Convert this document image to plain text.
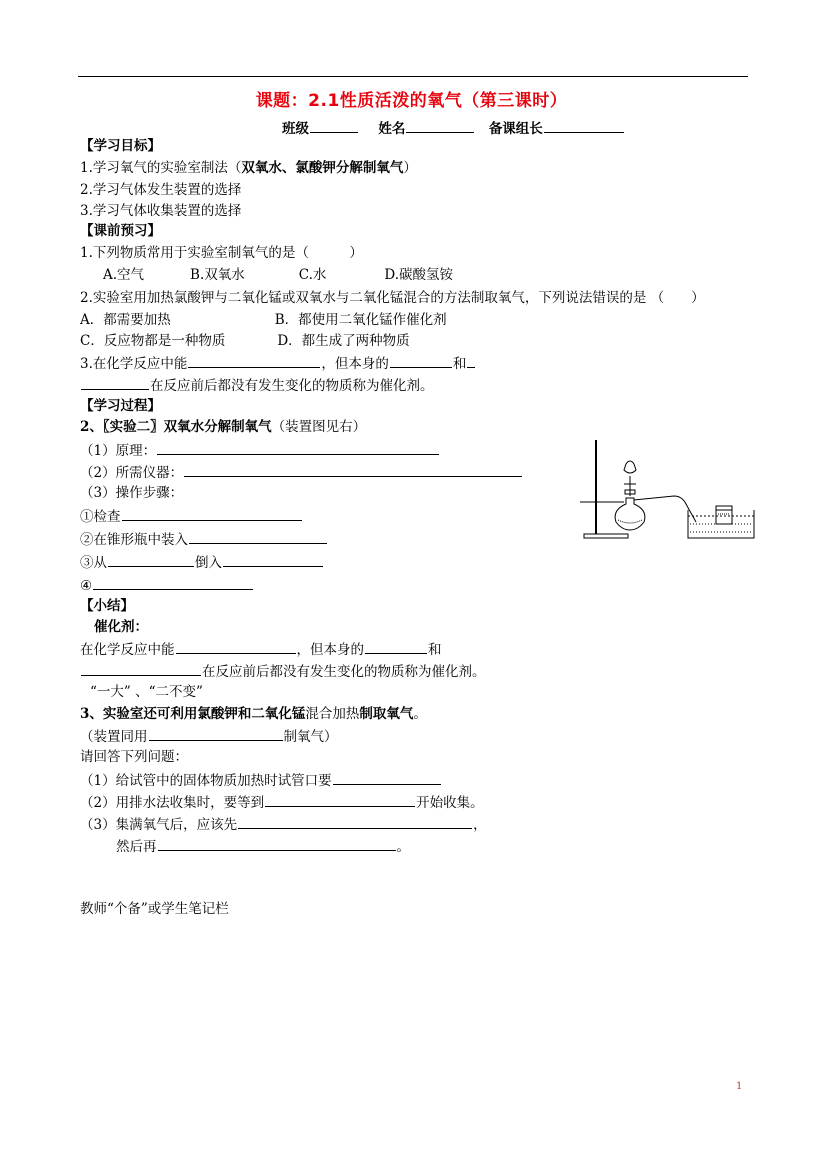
课题：2.1性质活泼的氧气（第三课时）
班级	姓名	备课组长
【学习目标】
1.学习氧气的实验室制法（双氧水、氯酸钾分解制氧气）
2.学习气体发生装置的选择
3.学习气体收集装置的选择
【课前预习】
1.下列物质常用于实验室制氧气的是（　　　）
A.空气	B.双氧水	C.水	D.碳酸氢铵
2.实验室用加热氯酸钾与二氧化锰或双氧水与二氧化锰混合的方法制取氧气，下列说法错误的是 （　　）
A．都需要加热	B．都使用二氧化锰作催化剂
C．反应物都是一种物质	D．都生成了两种物质
3.在化学反应中能	，但本身的	和
在反应前后都没有发生变化的物质称为催化剂。
【学习过程】
2、〖实验二〗双氧水分解制氧气（装置图见右）
（1）原理：
（2）所需仪器：
（3）操作步骤：
①检查
②在锥形瓶中装入
③从	倒入
④
【小结】
催化剂：
在化学反应中能	，但本身的	和
在反应前后都没有发生变化的物质称为催化剂。
“一大” 、“二不变”
3、实验室还可利用氯酸钾和二氧化锰混合加热制取氧气。
（装置同用	制氧气）
请回答下列问题：
（1）给试管中的固体物质加热时试管口要
（2）用排水法收集时，要等到	开始收集。
（3）集满氧气后，应该先	，
然后再	。
教师“个备”或学生笔记栏
1
